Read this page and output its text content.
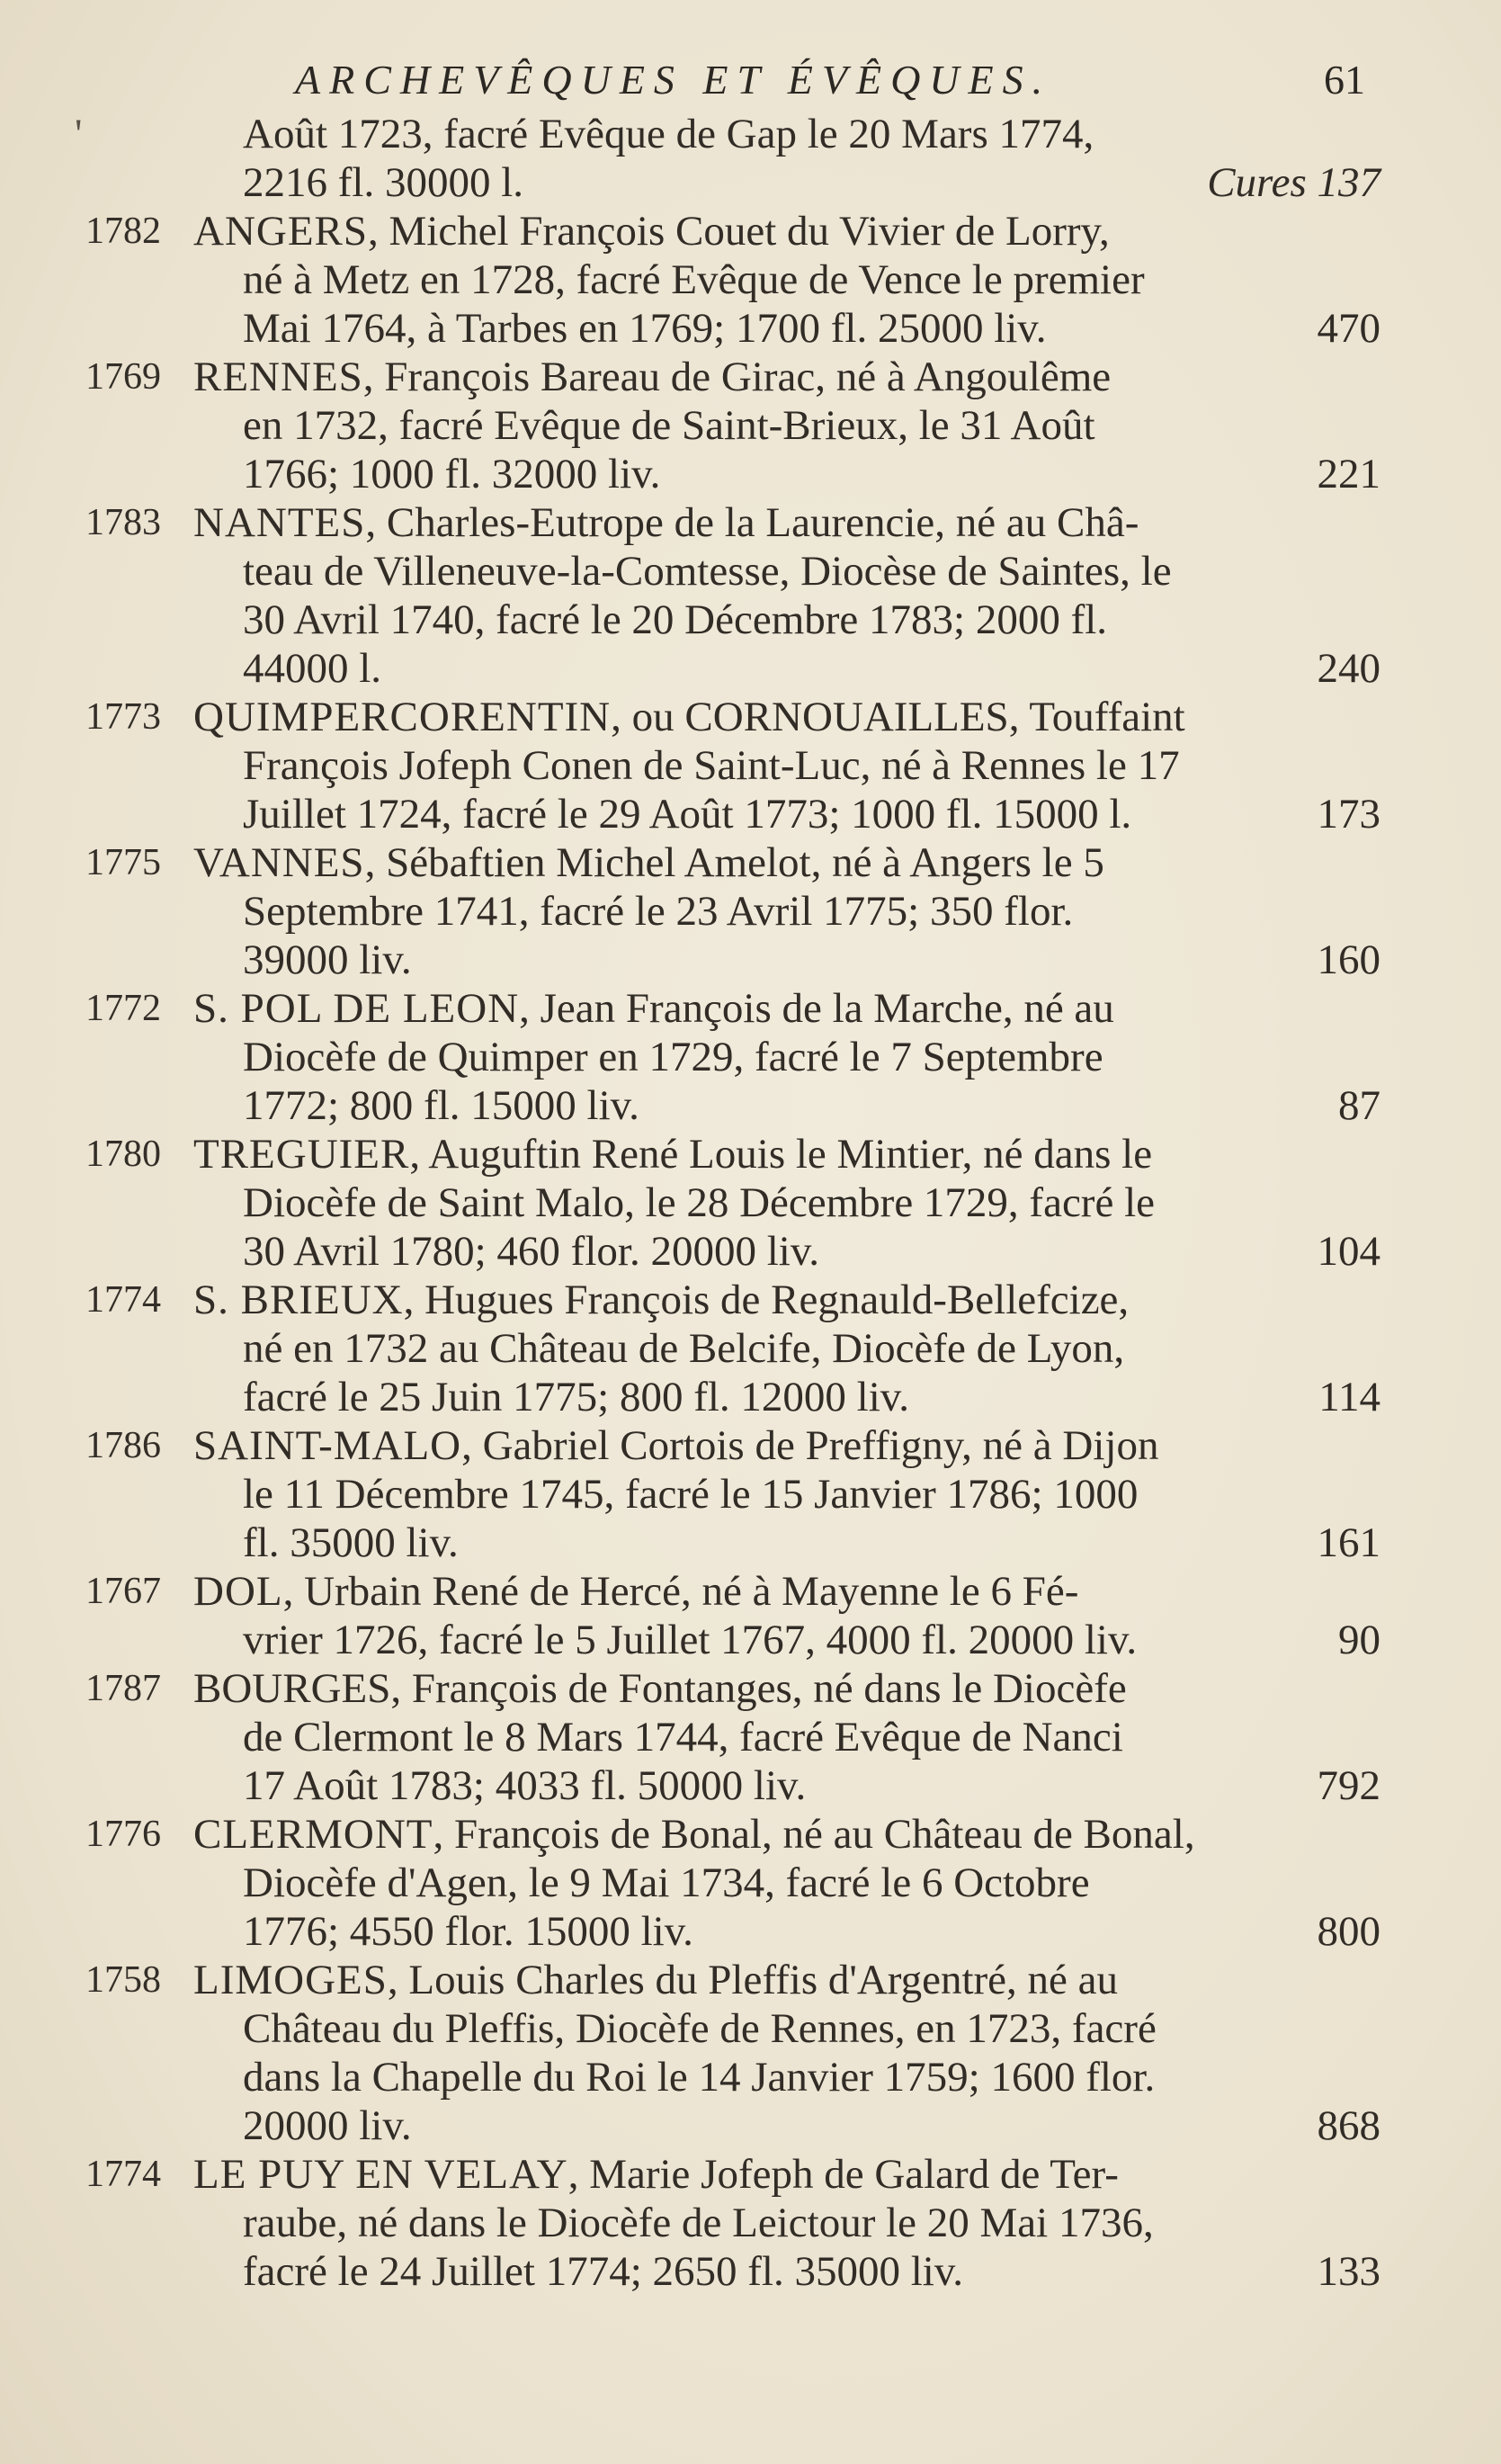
ARCHEVÊQUES ET ÉVÊQUES.	61
'	Août 1723, facré Evêque de Gap le 20 Mars 1774,
2216 fl. 30000 l.	Cures 137
1782 ANGERS, Michel François Couet du Vivier de Lorry,
né à Metz en 1728, facré Evêque de Vence le premier
Mai 1764, à Tarbes en 1769; 1700 fl. 25000 liv.	470
1769 RENNES, François Bareau de Girac, né à Angoulême
en 1732, facré Evêque de Saint-Brieux, le 31 Août
1766; 1000 fl. 32000 liv.	221
1783 NANTES, Charles-Eutrope de la Laurencie, né au Châ-
teau de Villeneuve-la-Comtesse, Diocèse de Saintes, le
30 Avril 1740, facré le 20 Décembre 1783; 2000 fl.
44000 l.	240
1773 QUIMPERCORENTIN, ou CORNOUAILLES, Touffaint
François Jofeph Conen de Saint-Luc, né à Rennes le 17
Juillet 1724, facré le 29 Août 1773; 1000 fl. 15000 l.	173
1775 VANNES, Sébaftien Michel Amelot, né à Angers le 5
Septembre 1741, facré le 23 Avril 1775; 350 flor.
39000 liv.	160
1772 S. POL DE LEON, Jean François de la Marche, né au
Diocèfe de Quimper en 1729, facré le 7 Septembre
1772; 800 fl. 15000 liv.	87
1780 TREGUIER, Auguftin René Louis le Mintier, né dans le
Diocèfe de Saint Malo, le 28 Décembre 1729, facré le
30 Avril 1780; 460 flor. 20000 liv.	104
1774 S. BRIEUX, Hugues François de Regnauld-Bellefcize,
né en 1732 au Château de Belcife, Diocèfe de Lyon,
facré le 25 Juin 1775; 800 fl. 12000 liv.	114
1786 SAINT-MALO, Gabriel Cortois de Preffigny, né à Dijon
le 11 Décembre 1745, facré le 15 Janvier 1786; 1000
fl. 35000 liv.	161
1767 DOL, Urbain René de Hercé, né à Mayenne le 6 Fé-
vrier 1726, facré le 5 Juillet 1767, 4000 fl. 20000 liv.	90
1787 BOURGES, François de Fontanges, né dans le Diocèfe
de Clermont le 8 Mars 1744, facré Evêque de Nanci
17 Août 1783; 4033 fl. 50000 liv.	792
1776 CLERMONT, François de Bonal, né au Château de Bonal,
Diocèfe d'Agen, le 9 Mai 1734, facré le 6 Octobre
1776; 4550 flor. 15000 liv.	800
1758 LIMOGES, Louis Charles du Pleffis d'Argentré, né au
Château du Pleffis, Diocèfe de Rennes, en 1723, facré
dans la Chapelle du Roi le 14 Janvier 1759; 1600 flor.
20000 liv.	868
1774 LE PUY EN VELAY, Marie Jofeph de Galard de Ter-
raube, né dans le Diocèfe de Leictour le 20 Mai 1736,
facré le 24 Juillet 1774; 2650 fl. 35000 liv.	133
